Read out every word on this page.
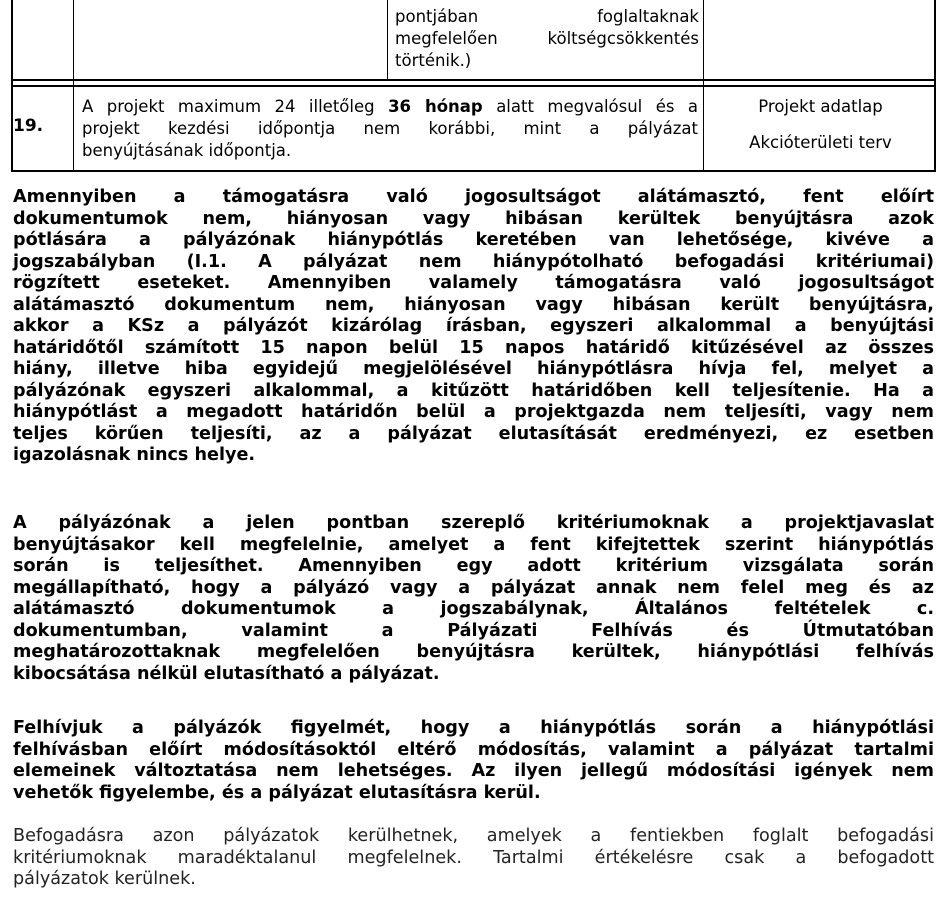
pontjában foglaltaknak
megfelelően költségcsökkentés
történik.)
19.
A projekt maximum 24 illetőleg 36 hónap alatt megvalósul és a
projekt kezdési időpontja nem korábbi, mint a pályázat
benyújtásának időpontja.
Projekt adatlap
Akcióterületi terv
Amennyiben a támogatásra való jogosultságot alátámasztó, fent előírt
dokumentumok nem, hiányosan vagy hibásan kerültek benyújtásra azok
pótlására a pályázónak hiánypótlás keretében van lehetősége, kivéve a
jogszabályban (I.1. A pályázat nem hiánypótolható befogadási kritériumai)
rögzített eseteket. Amennyiben valamely támogatásra való jogosultságot
alátámasztó dokumentum nem, hiányosan vagy hibásan került benyújtásra,
akkor a KSz a pályázót kizárólag írásban, egyszeri alkalommal a benyújtási
határidőtől számított 15 napon belül 15 napos határidő kitűzésével az összes
hiány, illetve hiba egyidejű megjelölésével hiánypótlásra hívja fel, melyet a
pályázónak egyszeri alkalommal, a kitűzött határidőben kell teljesítenie. Ha a
hiánypótlást a megadott határidőn belül a projektgazda nem teljesíti, vagy nem
teljes körűen teljesíti, az a pályázat elutasítását eredményezi, ez esetben
igazolásnak nincs helye.
A pályázónak a jelen pontban szereplő kritériumoknak a projektjavaslat
benyújtásakor kell megfelelnie, amelyet a fent kifejtettek szerint hiánypótlás
során is teljesíthet. Amennyiben egy adott kritérium vizsgálata során
megállapítható, hogy a pályázó vagy a pályázat annak nem felel meg és az
alátámasztó dokumentumok a jogszabálynak, Általános feltételek c.
dokumentumban, valamint a Pályázati Felhívás és Útmutatóban
meghatározottaknak megfelelően benyújtásra kerültek, hiánypótlási felhívás
kibocsátása nélkül elutasítható a pályázat.
Felhívjuk a pályázók figyelmét, hogy a hiánypótlás során a hiánypótlási
felhívásban előírt módosításoktól eltérő módosítás, valamint a pályázat tartalmi
elemeinek változtatása nem lehetséges. Az ilyen jellegű módosítási igények nem
vehetők figyelembe, és a pályázat elutasításra kerül.
Befogadásra azon pályázatok kerülhetnek, amelyek a fentiekben foglalt befogadási
kritériumoknak maradéktalanul megfelelnek. Tartalmi értékelésre csak a befogadott
pályázatok kerülnek.
